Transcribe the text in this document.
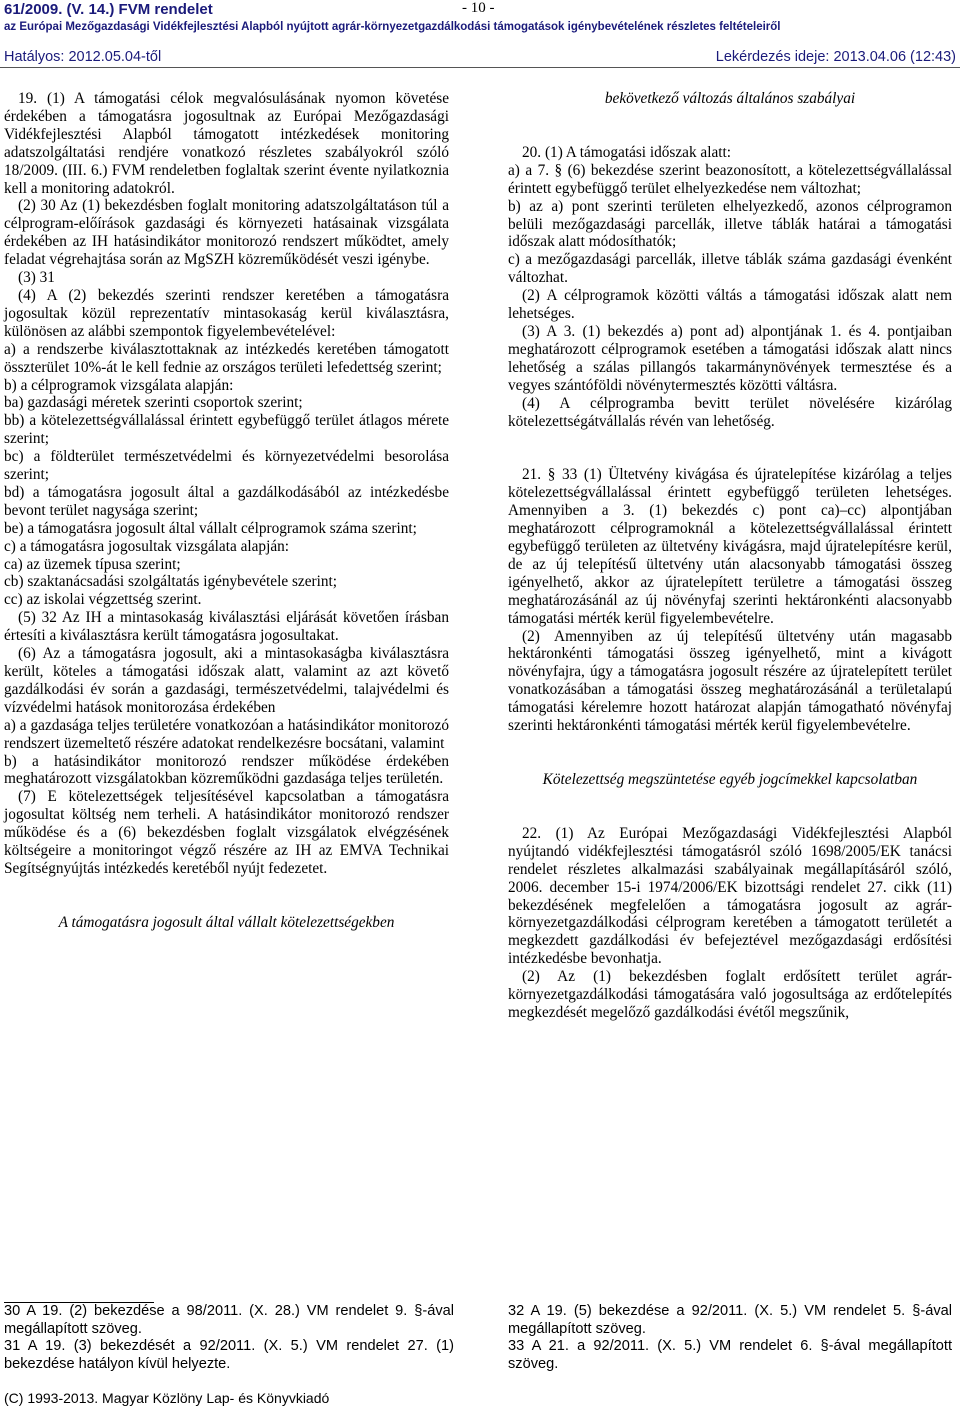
61/2009. (V. 14.) FVM rendelet	- 10 -
az Európai Mezőgazdasági Vidékfejlesztési Alapból nyújtott agrár-környezetgazdálkodási támogatások igénybevételének részletes feltételeiről
Hatályos: 2012.05.04-től	Lekérdezés ideje: 2013.04.06 (12:43)

19. (1) A támogatási célok megvalósulásának nyomon követése érdekében a támogatásra jogosultnak az Európai Mezőgazdasági Vidékfejlesztési Alapból támogatott intézkedések monitoring adatszolgáltatási rendjére vonatkozó részletes szabályokról szóló 18/2009. (III. 6.) FVM rendeletben foglaltak szerint évente nyilatkoznia kell a monitoring adatokról.

(2) 30 Az (1) bekezdésben foglalt monitoring adatszolgáltatáson túl a célprogram-előírások gazdasági és környezeti hatásainak vizsgálata érdekében az IH hatásindikátor monitorozó rendszert működtet, amely feladat végrehajtása során az MgSZH közreműködését veszi igénybe.

(3) 31

(4) A (2) bekezdés szerinti rendszer keretében a támogatásra jogosultak közül reprezentatív mintasokaság kerül kiválasztásra, különösen az alábbi szempontok figyelembevételével:

a) a rendszerbe kiválasztottaknak az intézkedés keretében támogatott összterület 10%-át le kell fednie az országos területi lefedettség szerint;

b) a célprogramok vizsgálata alapján:

ba) gazdasági méretek szerinti csoportok szerint;

bb) a kötelezettségvállalással érintett egybefüggő terület átlagos mérete szerint;

bc) a földterület természetvédelmi és környezetvédelmi besorolása szerint;

bd) a támogatásra jogosult által a gazdálkodásából az intézkedésbe bevont terület nagysága szerint;

be) a támogatásra jogosult által vállalt célprogramok száma szerint;

c) a támogatásra jogosultak vizsgálata alapján:

ca) az üzemek típusa szerint;

cb) szaktanácsadási szolgáltatás igénybevétele szerint;

cc) az iskolai végzettség szerint.

(5) 32 Az IH a mintasokaság kiválasztási eljárását követően írásban értesíti a kiválasztásra került támogatásra jogosultakat.

(6) Az a támogatásra jogosult, aki a mintasokaságba kiválasztásra került, köteles a támogatási időszak alatt, valamint az azt követő gazdálkodási év során a gazdasági, természetvédelmi, talajvédelmi és vízvédelmi hatások monitorozása érdekében

a) a gazdasága teljes területére vonatkozóan a hatásindikátor monitorozó rendszert üzemeltető részére adatokat rendelkezésre bocsátani, valamint

b) a hatásindikátor monitorozó rendszer működése érdekében meghatározott vizsgálatokban közreműködni gazdasága teljes területén.

(7) E kötelezettségek teljesítésével kapcsolatban a támogatásra jogosultat költség nem terheli. A hatásindikátor monitorozó rendszer működése és a (6) bekezdésben foglalt vizsgálatok elvégzésének költségeire a monitoringot végző részére az IH az EMVA Technikai Segítségnyújtás intézkedés keretéből nyújt fedezetet.

A támogatásra jogosult által vállalt kötelezettségekben

bekövetkező változás általános szabályai

20. (1) A támogatási időszak alatt:

a) a 7. § (6) bekezdése szerint beazonosított, a kötelezettségvállalással érintett egybefüggő terület elhelyezkedése nem változhat;

b) az a) pont szerinti területen elhelyezkedő, azonos célprogramon belüli mezőgazdasági parcellák, illetve táblák határai a támogatási időszak alatt módosíthatók;

c) a mezőgazdasági parcellák, illetve táblák száma gazdasági évenként változhat.

(2) A célprogramok közötti váltás a támogatási időszak alatt nem lehetséges.

(3) A 3. (1) bekezdés a) pont ad) alpontjának 1. és 4. pontjaiban meghatározott célprogramok esetében a támogatási időszak alatt nincs lehetőség a szálas pillangós takarmánynövények termesztése és a vegyes szántóföldi növénytermesztés közötti váltásra.

(4) A célprogramba bevitt terület növelésére kizárólag kötelezettségátvállalás révén van lehetőség.

21. § 33 (1) Ültetvény kivágása és újratelepítése kizárólag a teljes kötelezettségvállalással érintett egybefüggő területen lehetséges. Amennyiben a 3. (1) bekezdés c) pont ca)–cc) alpontjában meghatározott célprogramoknál a kötelezettségvállalással érintett egybefüggő területen az ültetvény kivágásra, majd újratelepítésre kerül, de az új telepítésű ültetvény után alacsonyabb támogatási összeg igényelhető, akkor az újratelepített területre a támogatási összeg meghatározásánál az új növényfaj szerinti hektáronkénti alacsonyabb támogatási mérték kerül figyelembevételre.

(2) Amennyiben az új telepítésű ültetvény után magasabb hektáronkénti támogatási összeg igényelhető, mint a kivágott növényfajra, úgy a támogatásra jogosult részére az újratelepített terület vonatkozásában a támogatási összeg meghatározásánál a területalapú támogatási kérelemre hozott határozat alapján támogatható növényfaj szerinti hektáronkénti támogatási mérték kerül figyelembevételre.

Kötelezettség megszüntetése egyéb jogcímekkel kapcsolatban

22. (1) Az Európai Mezőgazdasági Vidékfejlesztési Alapból nyújtandó vidékfejlesztési támogatásról szóló 1698/2005/EK tanácsi rendelet részletes alkalmazási szabályainak megállapításáról szóló, 2006. december 15-i 1974/2006/EK bizottsági rendelet 27. cikk (11) bekezdésének megfelelően a támogatásra jogosult az agrár-környezetgazdálkodási célprogram keretében a támogatott területét a megkezdett gazdálkodási év befejeztével mezőgazdasági erdősítési intézkedésbe bevonhatja.

(2) Az (1) bekezdésben foglalt erdősített terület agrár-környezetgazdálkodási támogatására való jogosultsága az erdőtelepítés megkezdését megelőző gazdálkodási évétől megszűnik,

30 A 19. (2) bekezdése a 98/2011. (X. 28.) VM rendelet 9. §-ával megállapított szöveg.

31 A 19. (3) bekezdését a 92/2011. (X. 5.) VM rendelet 27. (1) bekezdése hatályon kívül helyezte.

32 A 19. (5) bekezdése a 92/2011. (X. 5.) VM rendelet 5. §-ával megállapított szöveg.

33 A 21. a 92/2011. (X. 5.) VM rendelet 6. §-ával megállapított szöveg.

(C) 1993-2013. Magyar Közlöny Lap- és Könyvkiadó
